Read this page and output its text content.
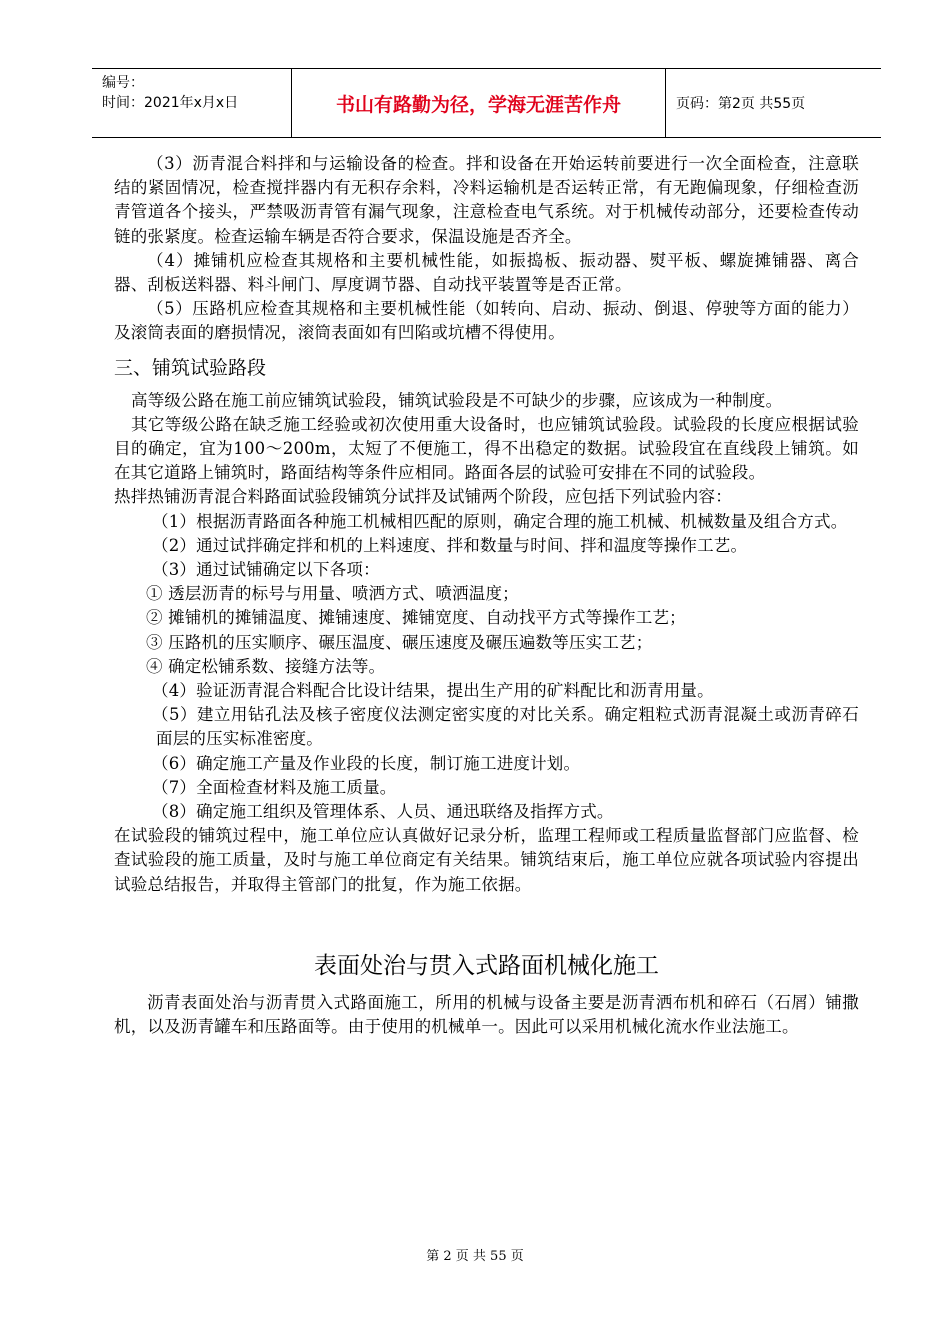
编号：
时间：2021年x月x日	书山有路勤为径，学海无涯苦作舟	页码：第2页 共55页

（3）沥青混合料拌和与运输设备的检查。拌和设备在开始运转前要进行一次全面检查，注意联结的紧固情况，检查搅拌器内有无积存余料，冷料运输机是否运转正常，有无跑偏现象，仔细检查沥青管道各个接头，严禁吸沥青管有漏气现象，注意检查电气系统。对于机械传动部分，还要检查传动链的张紧度。检查运输车辆是否符合要求，保温设施是否齐全。

（4）摊铺机应检查其规格和主要机械性能，如振捣板、振动器、熨平板、螺旋摊铺器、离合器、刮板送料器、料斗闸门、厚度调节器、自动找平装置等是否正常。

（5）压路机应检查其规格和主要机械性能（如转向、启动、振动、倒退、停驶等方面的能力）及滚筒表面的磨损情况，滚筒表面如有凹陷或坑槽不得使用。

三、铺筑试验路段

高等级公路在施工前应铺筑试验段，铺筑试验段是不可缺少的步骤，应该成为一种制度。

其它等级公路在缺乏施工经验或初次使用重大设备时，也应铺筑试验段。试验段的长度应根据试验目的确定，宜为100～200m，太短了不便施工，得不出稳定的数据。试验段宜在直线段上铺筑。如在其它道路上铺筑时，路面结构等条件应相同。路面各层的试验可安排在不同的试验段。

热拌热铺沥青混合料路面试验段铺筑分试拌及试铺两个阶段，应包括下列试验内容：

（1）根据沥青路面各种施工机械相匹配的原则，确定合理的施工机械、机械数量及组合方式。

（2）通过试拌确定拌和机的上料速度、拌和数量与时间、拌和温度等操作工艺。

（3）通过试铺确定以下各项：

① 透层沥青的标号与用量、喷洒方式、喷洒温度；

② 摊铺机的摊铺温度、摊铺速度、摊铺宽度、自动找平方式等操作工艺；

③ 压路机的压实顺序、碾压温度、碾压速度及碾压遍数等压实工艺；

④ 确定松铺系数、接缝方法等。

（4）验证沥青混合料配合比设计结果，提出生产用的矿料配比和沥青用量。

（5）建立用钻孔法及核子密度仪法测定密实度的对比关系。确定粗粒式沥青混凝土或沥青碎石面层的压实标准密度。

（6）确定施工产量及作业段的长度，制订施工进度计划。

（7）全面检查材料及施工质量。

（8）确定施工组织及管理体系、人员、通迅联络及指挥方式。

在试验段的铺筑过程中，施工单位应认真做好记录分析，监理工程师或工程质量监督部门应监督、检查试验段的施工质量，及时与施工单位商定有关结果。铺筑结束后，施工单位应就各项试验内容提出试验总结报告，并取得主管部门的批复，作为施工依据。

表面处治与贯入式路面机械化施工

沥青表面处治与沥青贯入式路面施工，所用的机械与设备主要是沥青洒布机和碎石（石屑）铺撒机，以及沥青罐车和压路面等。由于使用的机械单一。因此可以采用机械化流水作业法施工。

第 2 页 共 55 页
